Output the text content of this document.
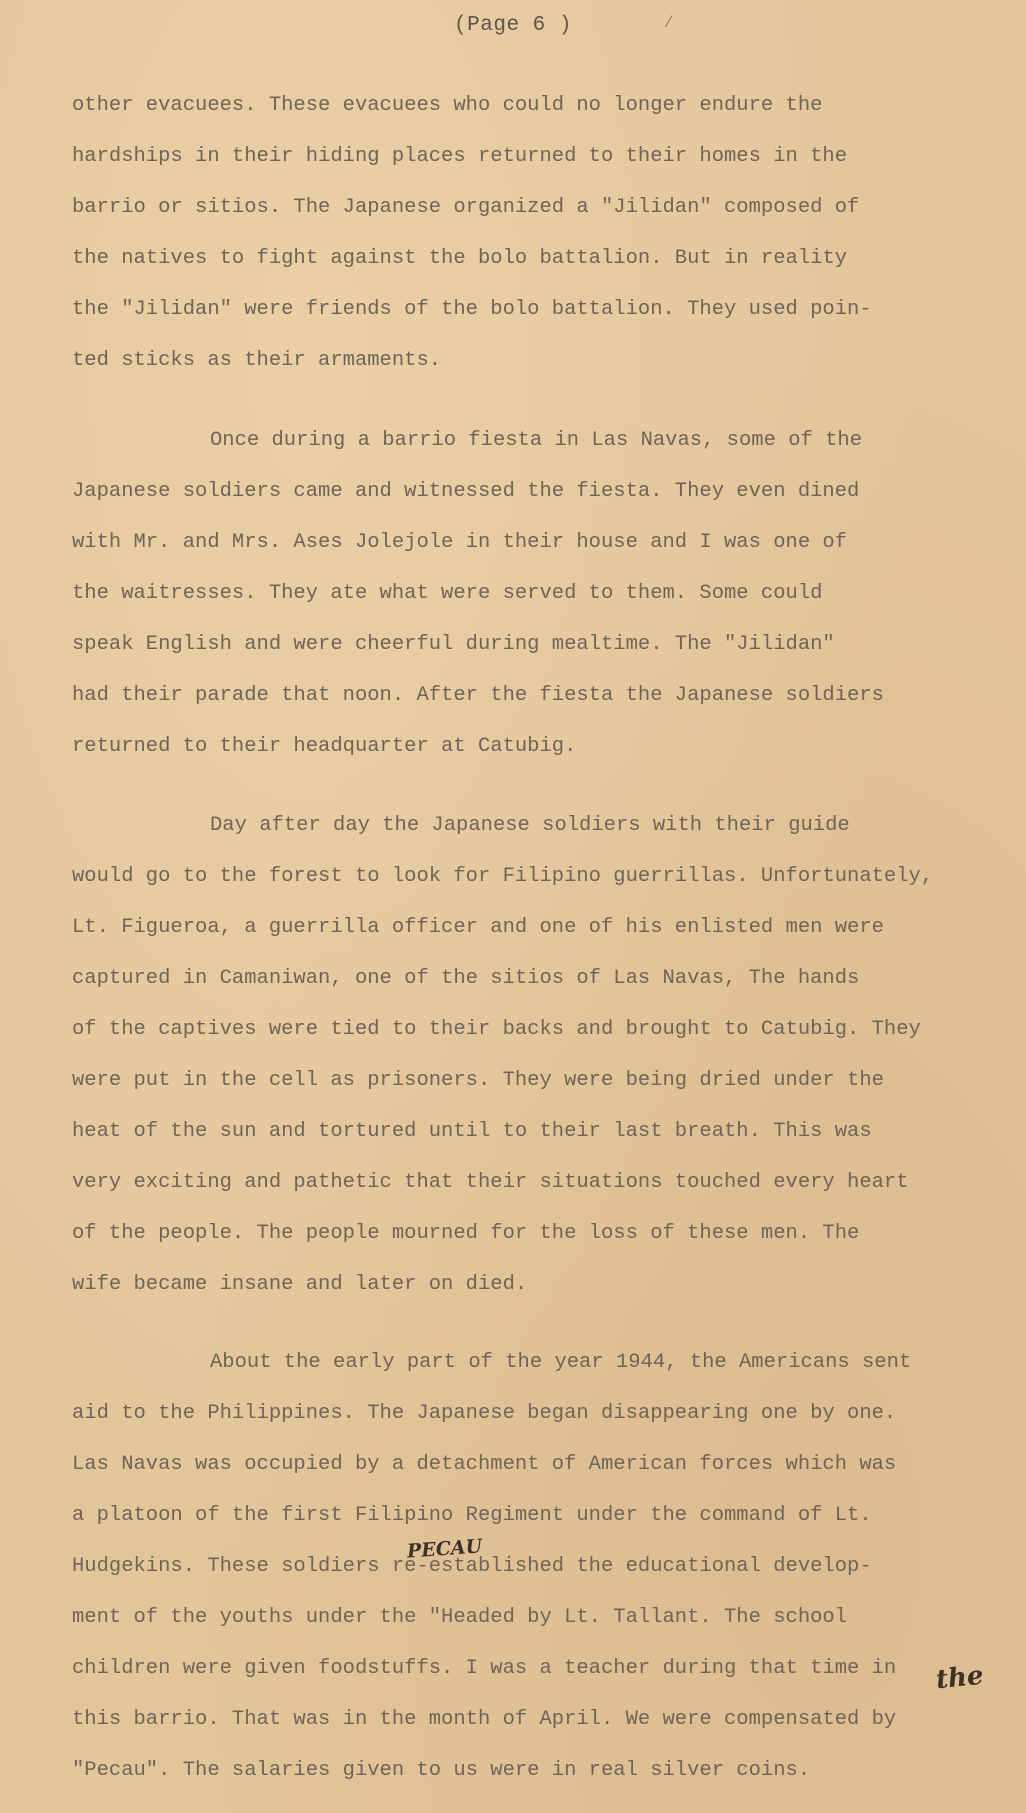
(Page 6 )	/
other evacuees. These evacuees who could no longer endure the
hardships in their hiding places returned to their homes in the
barrio or sitios. The Japanese organized a "Jilidan" composed of
the natives to fight against the bolo battalion. But in reality
the "Jilidan" were friends of the bolo battalion. They used poin-
ted sticks as their armaments.
Once during a barrio fiesta in Las Navas, some of the
Japanese soldiers came and witnessed the fiesta. They even dined
with Mr. and Mrs. Ases Jolejole in their house and I was one of
the waitresses. They ate what were served to them. Some could
speak English and were cheerful during mealtime. The "Jilidan"
had their parade that noon. After the fiesta the Japanese soldiers
returned to their headquarter at Catubig.
Day after day the Japanese soldiers with their guide
would go to the forest to look for Filipino guerrillas. Unfortunately,
Lt. Figueroa, a guerrilla officer and one of his enlisted men were
captured in Camaniwan, one of the sitios of Las Navas, The hands
of the captives were tied to their backs and brought to Catubig. They
were put in the cell as prisoners. They were being dried under the
heat of the sun and tortured until to their last breath. This was
very exciting and pathetic that their situations touched every heart
of the people. The people mourned for the loss of these men. The
wife became insane and later on died.
About the early part of the year 1944, the Americans sent
aid to the Philippines. The Japanese began disappearing one by one.
Las Navas was occupied by a detachment of American forces which was
a platoon of the first Filipino Regiment under the command of Lt.
Hudgekins. These soldiers re-established the educational develop-
ment of the youths under the "Headed by Lt. Tallant. The school
children were given foodstuffs. I was a teacher during that time in
this barrio. That was in the month of April. We were compensated by
"Pecau". The salaries given to us were in real silver coins.
PECAU
the
